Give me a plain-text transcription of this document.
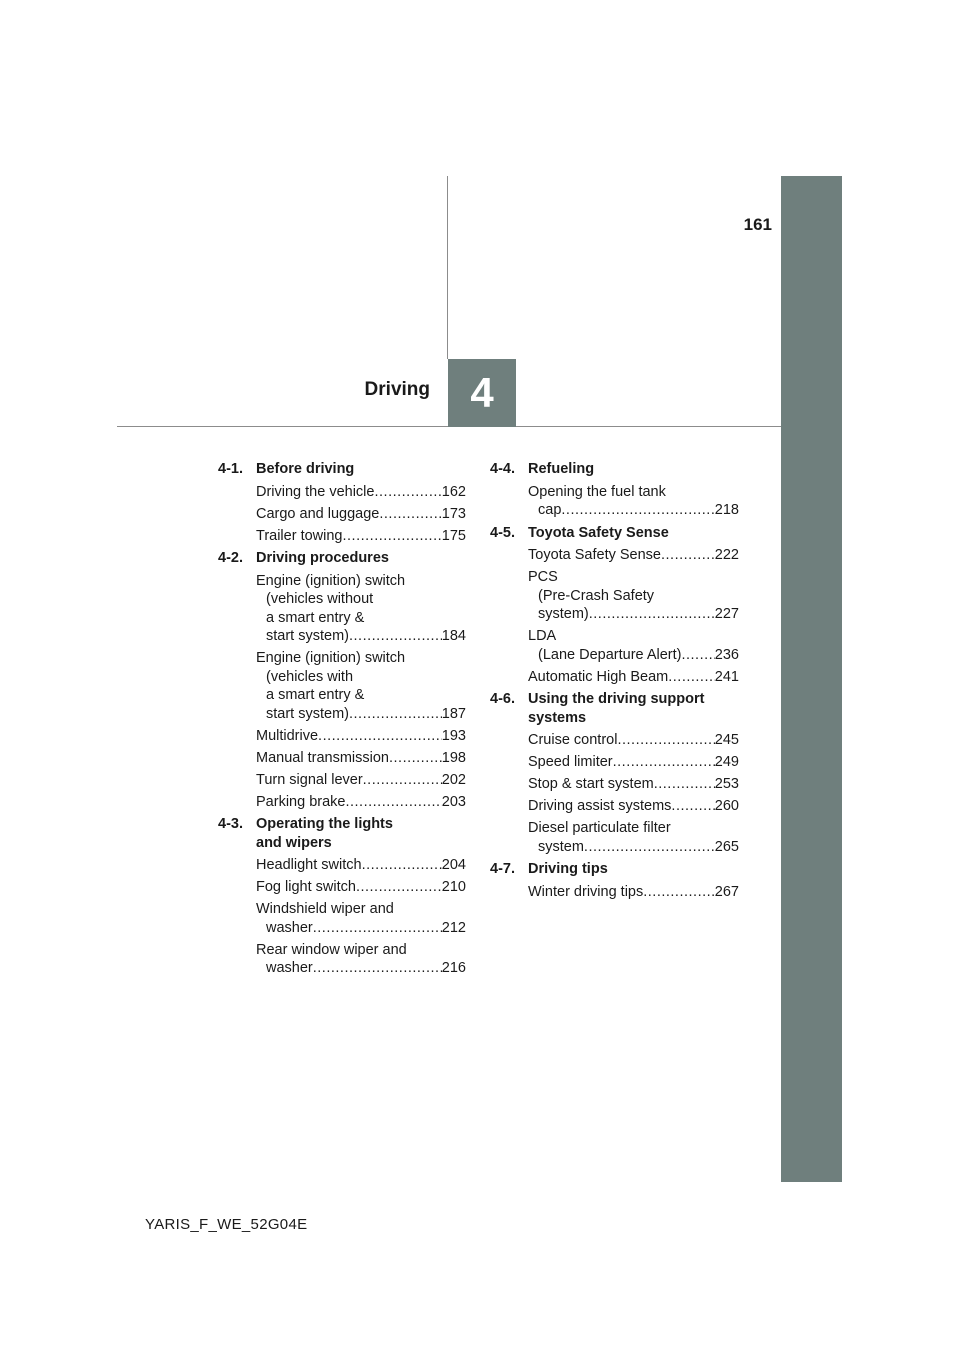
161
4
Driving
4-1. Before driving
Driving the vehicle .....	162
Cargo and luggage .....	173
Trailer towing .....	175
4-2. Driving procedures
Engine (ignition) switch
(vehicles without
a smart entry &
start system) .....	184
Engine (ignition) switch
(vehicles with
a smart entry &
start system) .....	187
Multidrive .....	193
Manual transmission .....	198
Turn signal lever .....	202
Parking brake .....	203
4-3. Operating the lights
and wipers
Headlight switch .....	204
Fog light switch .....	210
Windshield wiper and
washer .....	212
Rear window wiper and
washer .....	216
4-4. Refueling
Opening the fuel tank
cap .....	218
4-5. Toyota Safety Sense
Toyota Safety Sense .....	222
PCS
(Pre-Crash Safety
system) .....	227
LDA
(Lane Departure Alert) ..... 236
Automatic High Beam .....	241
4-6. Using the driving support
systems
Cruise control .....	245
Speed limiter .....	249
Stop & start system .....	253
Driving assist systems .....	260
Diesel particulate filter
system .....	265
4-7. Driving tips
Winter driving tips .....	267
YARIS_F_WE_52G04E
